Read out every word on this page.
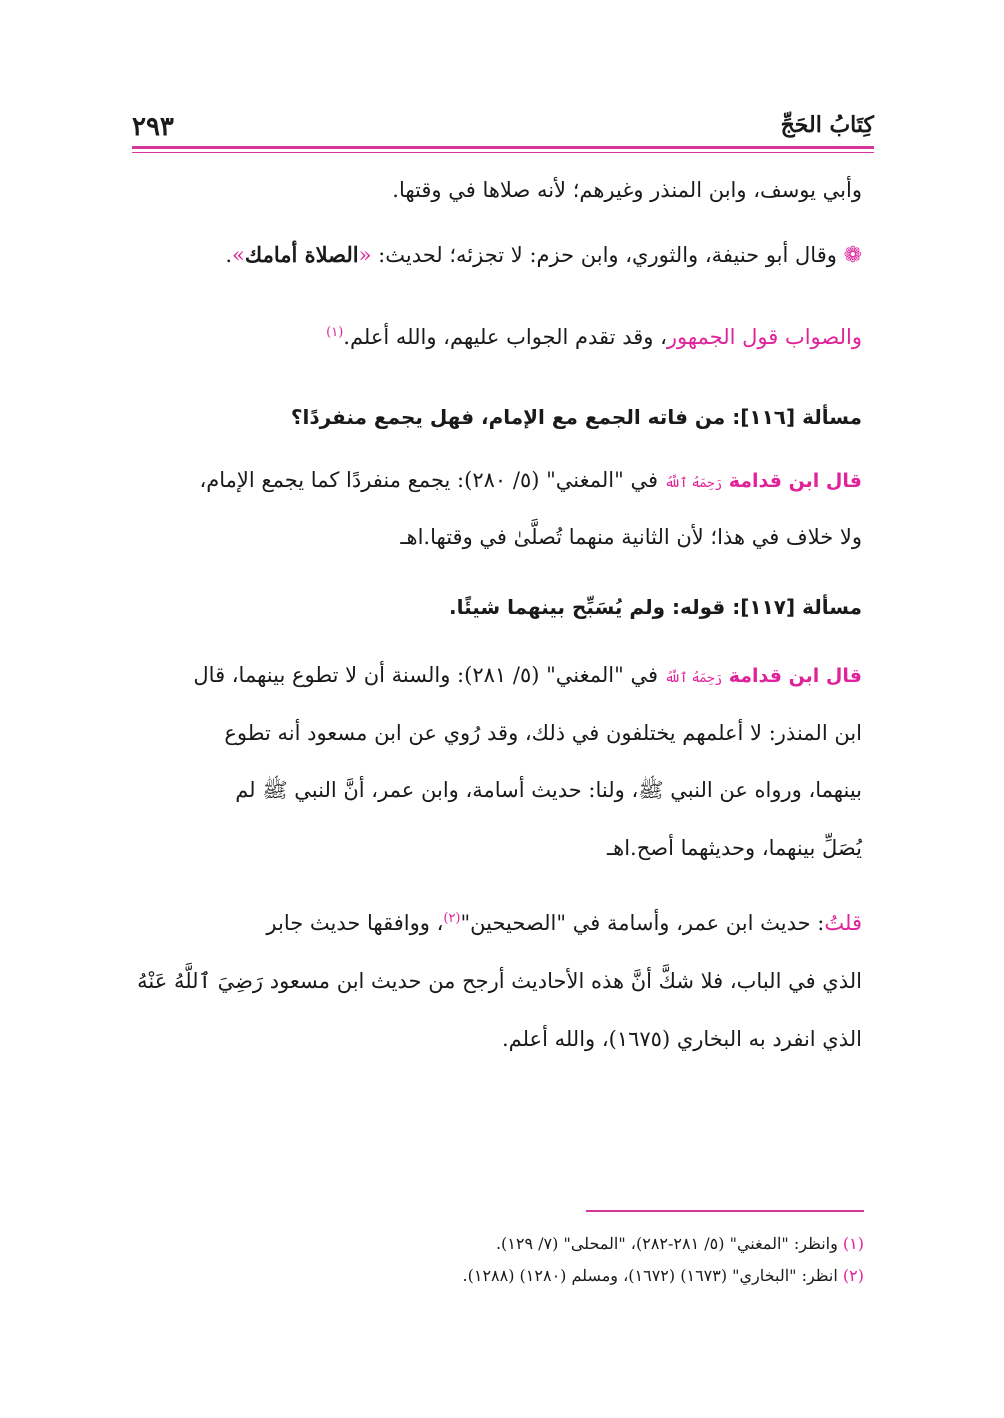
كِتَابُ الحَجِّ
٢٩٣
وأبي يوسف، وابن المنذر وغيرهم؛ لأنه صلاها في وقتها.
❁ وقال أبو حنيفة، والثوري، وابن حزم: لا تجزئه؛ لحديث: «الصلاة أمامك».
والصواب قول الجمهور، وقد تقدم الجواب عليهم، والله أعلم.$^{(١)}$
مسألة [١١٦]: من فاته الجمع مع الإمام، فهل يجمع منفردًا؟
قال ابن قدامة رَحِمَهُ ٱللَّهُ في "المغني" (٥/ ٢٨٠): يجمع منفردًا كما يجمع الإمام،
ولا خلاف في هذا؛ لأن الثانية منهما تُصلَّىٰ في وقتها.اهـ
مسألة [١١٧]: قوله: ولم يُسَبِّح بينهما شيئًا.
قال ابن قدامة رَحِمَهُ ٱللَّهُ في "المغني" (٥/ ٢٨١): والسنة أن لا تطوع بينهما، قال
ابن المنذر: لا أعلمهم يختلفون في ذلك، وقد رُوي عن ابن مسعود أنه تطوع
بينهما، ورواه عن النبي ﷺ، ولنا: حديث أسامة، وابن عمر، أنَّ النبي ﷺ لم
يُصَلِّ بينهما، وحديثهما أصح.اهـ
قلتُ: حديث ابن عمر، وأسامة في "الصحيحين"$^{(٢)}$، ووافقها حديث جابر
الذي في الباب، فلا شكَّ أنَّ هذه الأحاديث أرجح من حديث ابن مسعود رَضِيَ ٱللَّهُ عَنْهُ
الذي انفرد به البخاري (١٦٧٥)، والله أعلم.
(١) وانظر: "المغني" (٥/ ٢٨١-٢٨٢)، "المحلى" (٧/ ١٢٩).
(٢) انظر: "البخاري" (١٦٧٣) (١٦٧٢)، ومسلم (١٢٨٠) (١٢٨٨).
